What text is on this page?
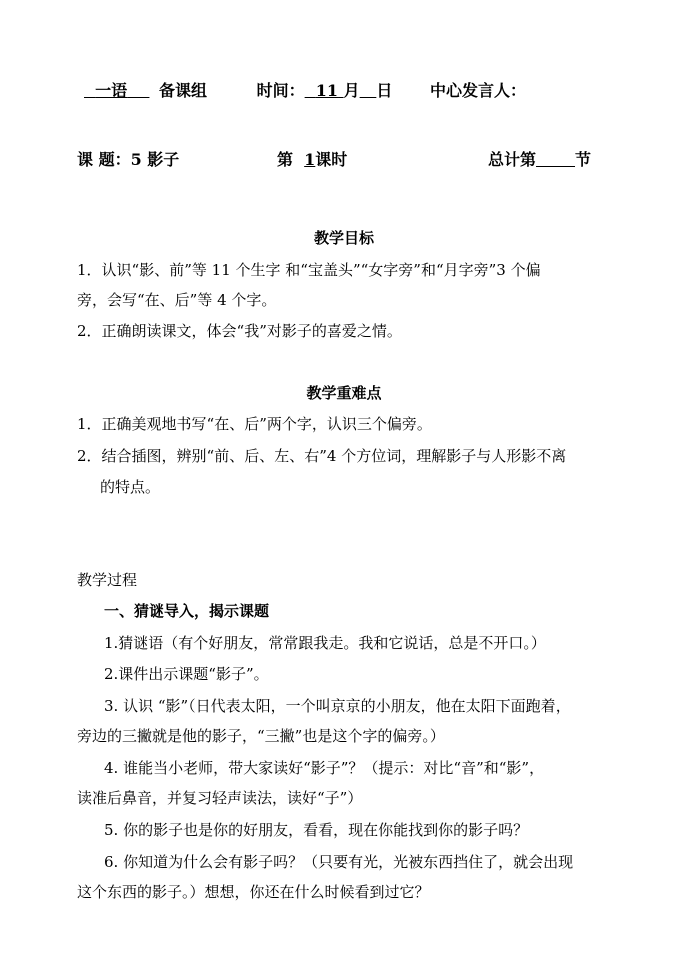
一语 备课组	时间： 11 月 日 中心发言人：
课 题：5 影子	第 1课时	总计第 节
教学目标
1．认识“影、前”等 11 个生字 和“宝盖头”“女字旁”和“月字旁”3 个偏
旁，会写“在、后”等 4 个字。
2．正确朗读课文，体会“我”对影子的喜爱之情。
教学重难点
1．正确美观地书写“在、后”两个字，认识三个偏旁。
2．结合插图，辨别“前、后、左、右”4 个方位词，理解影子与人形影不离
的特点。
教学过程
一、猜谜导入，揭示课题
1.猜谜语（有个好朋友，常常跟我走。我和它说话，总是不开口。）
2.课件出示课题“影子”。
3. 认识 “影”（日代表太阳，一个叫京京的小朋友，他在太阳下面跑着，
旁边的三撇就是他的影子，“三撇”也是这个字的偏旁。）
4. 谁能当小老师，带大家读好“影子”？（提示：对比“音”和“影”，
读准后鼻音，并复习轻声读法，读好“子”）
5. 你的影子也是你的好朋友，看看，现在你能找到你的影子吗？
6. 你知道为什么会有影子吗？（只要有光，光被东西挡住了，就会出现
这个东西的影子。）想想，你还在什么时候看到过它？
